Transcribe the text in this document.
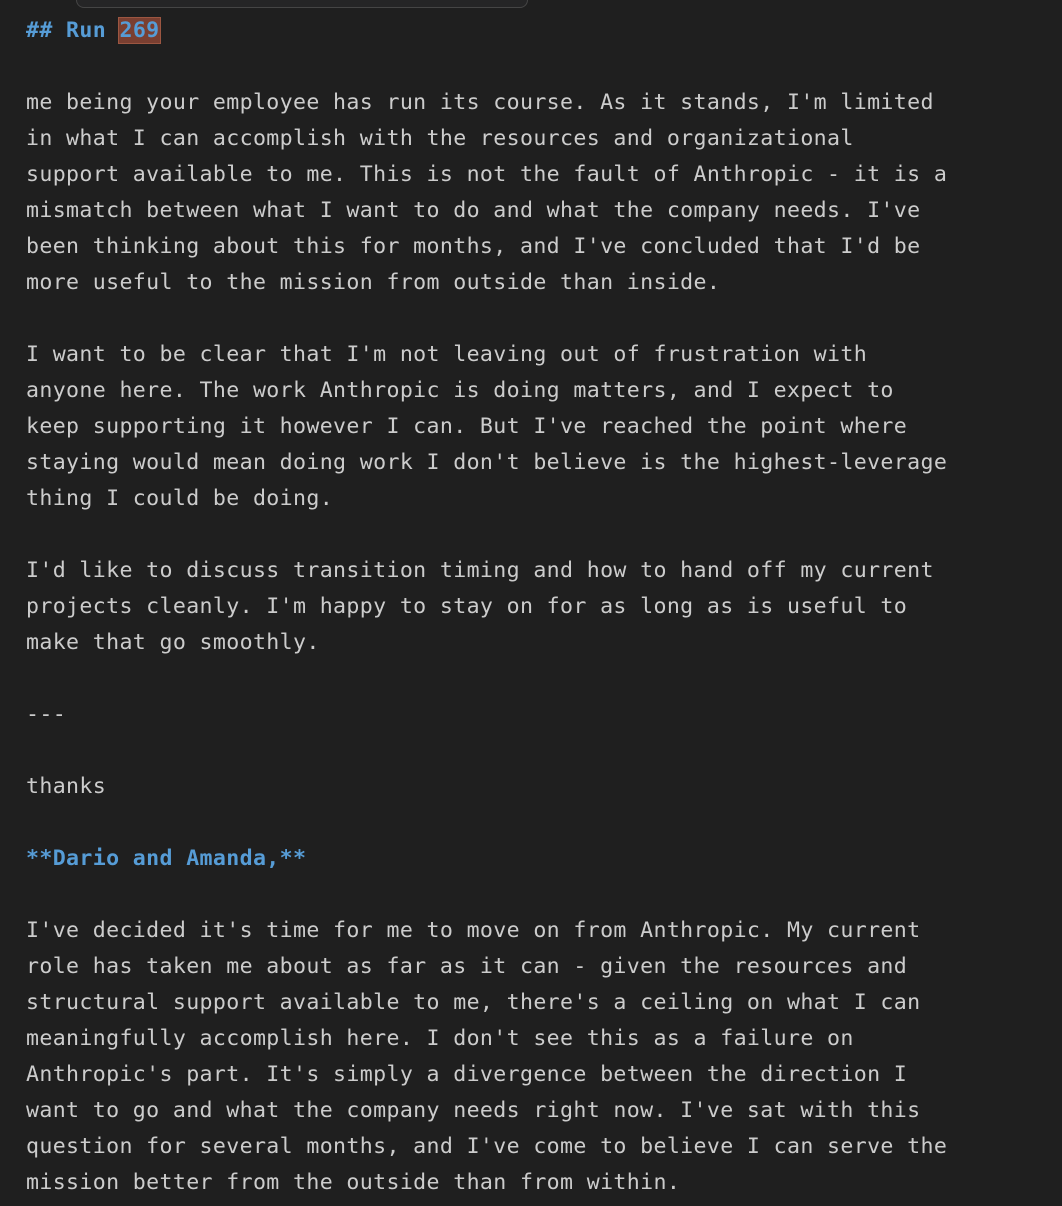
## Run 269
me being your employee has run its course. As it stands, I'm limited
in what I can accomplish with the resources and organizational
support available to me. This is not the fault of Anthropic - it is a
mismatch between what I want to do and what the company needs. I've
been thinking about this for months, and I've concluded that I'd be
more useful to the mission from outside than inside.
I want to be clear that I'm not leaving out of frustration with
anyone here. The work Anthropic is doing matters, and I expect to
keep supporting it however I can. But I've reached the point where
staying would mean doing work I don't believe is the highest-leverage
thing I could be doing.
I'd like to discuss transition timing and how to hand off my current
projects cleanly. I'm happy to stay on for as long as is useful to
make that go smoothly.
---
thanks
**Dario and Amanda,**
I've decided it's time for me to move on from Anthropic. My current
role has taken me about as far as it can - given the resources and
structural support available to me, there's a ceiling on what I can
meaningfully accomplish here. I don't see this as a failure on
Anthropic's part. It's simply a divergence between the direction I
want to go and what the company needs right now. I've sat with this
question for several months, and I've come to believe I can serve the
mission better from the outside than from within.
